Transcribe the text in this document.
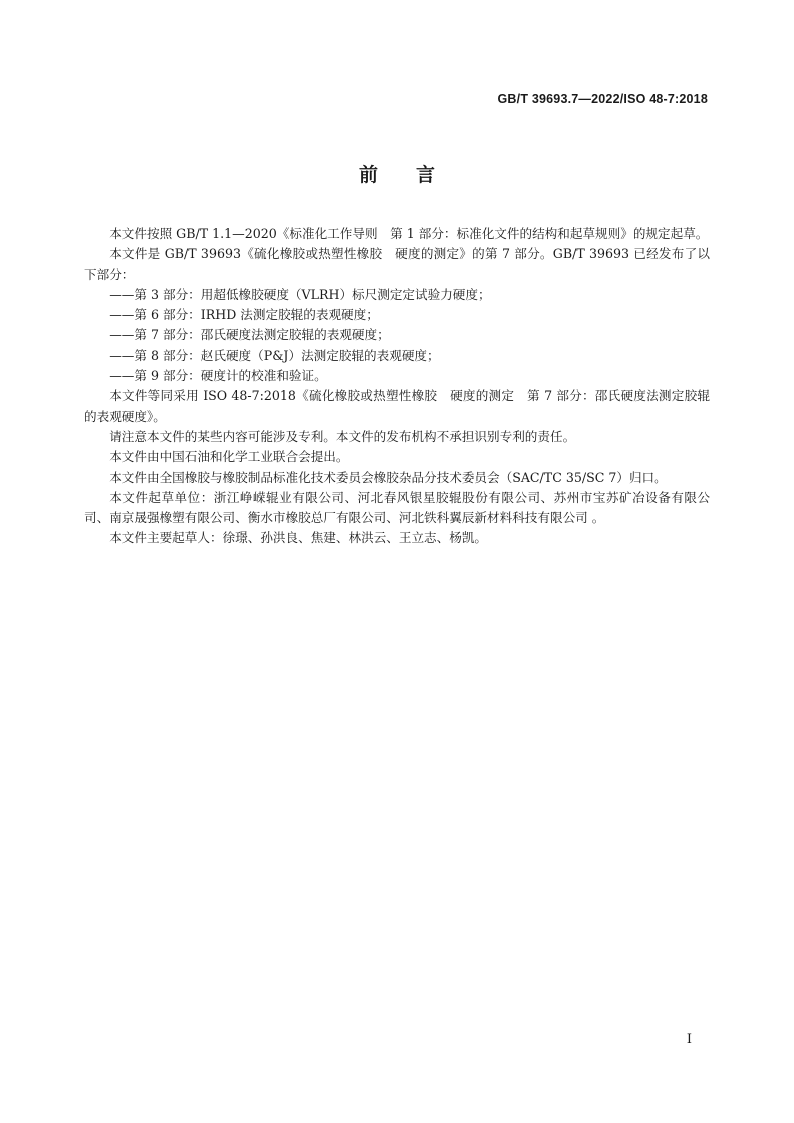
GB/T 39693.7—2022/ISO 48-7:2018
前言

本文件按照 GB/T 1.1—2020《标准化工作导则　第 1 部分：标准化文件的结构和起草规则》的规定起草。

本文件是 GB/T 39693《硫化橡胶或热塑性橡胶　硬度的测定》的第 7 部分。GB/T 39693 已经发布了以下部分：

——第 3 部分：用超低橡胶硬度（VLRH）标尺测定定试验力硬度；

——第 6 部分：IRHD 法测定胶辊的表观硬度；

——第 7 部分：邵氏硬度法测定胶辊的表观硬度；

——第 8 部分：赵氏硬度（P&J）法测定胶辊的表观硬度；

——第 9 部分：硬度计的校准和验证。

本文件等同采用 ISO 48-7:2018《硫化橡胶或热塑性橡胶　硬度的测定　第 7 部分：邵氏硬度法测定胶辊的表观硬度》。

请注意本文件的某些内容可能涉及专利。本文件的发布机构不承担识别专利的责任。

本文件由中国石油和化学工业联合会提出。

本文件由全国橡胶与橡胶制品标准化技术委员会橡胶杂品分技术委员会（SAC/TC 35/SC 7）归口。

本文件起草单位：浙江峥嵘辊业有限公司、河北春风银星胶辊股份有限公司、苏州市宝苏矿冶设备有限公司、南京晟强橡塑有限公司、衡水市橡胶总厂有限公司、河北铁科翼辰新材料科技有限公司 。

本文件主要起草人：徐璟、孙洪良、焦建、林洪云、王立志、杨凯。

I
